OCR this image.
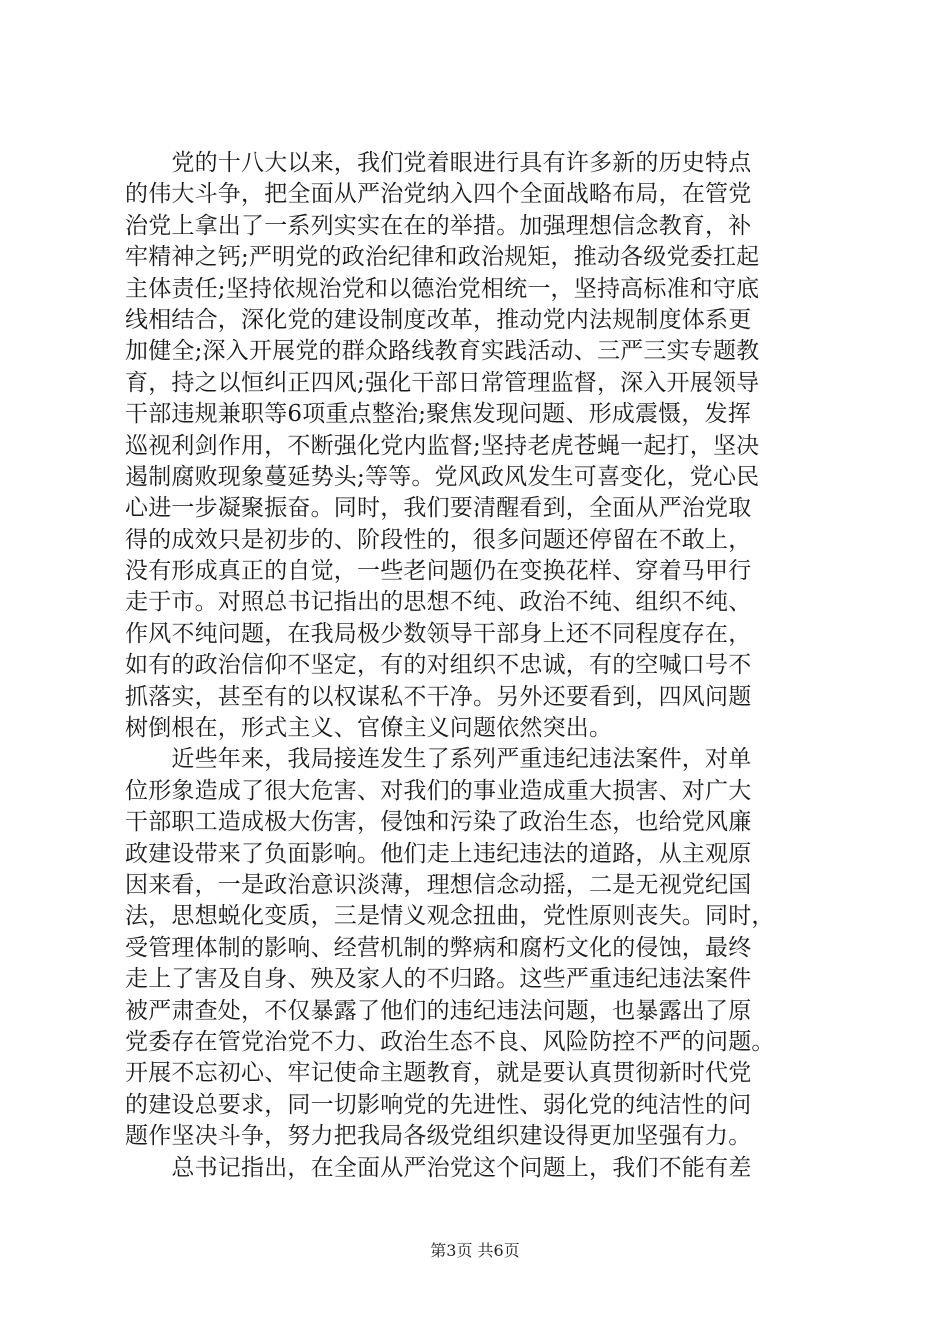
　　党的十八大以来，我们党着眼进行具有许多新的历史特点
的伟大斗争，把全面从严治党纳入四个全面战略布局，在管党
治党上拿出了一系列实实在在的举措。加强理想信念教育，补
牢精神之钙;严明党的政治纪律和政治规矩，推动各级党委扛起
主体责任;坚持依规治党和以德治党相统一，坚持高标准和守底
线相结合，深化党的建设制度改革，推动党内法规制度体系更
加健全;深入开展党的群众路线教育实践活动、三严三实专题教
育，持之以恒纠正四风;强化干部日常管理监督，深入开展领导
干部违规兼职等6项重点整治;聚焦发现问题、形成震慑，发挥
巡视利剑作用，不断强化党内监督;坚持老虎苍蝇一起打，坚决
遏制腐败现象蔓延势头;等等。党风政风发生可喜变化，党心民
心进一步凝聚振奋。同时，我们要清醒看到，全面从严治党取
得的成效只是初步的、阶段性的，很多问题还停留在不敢上，
没有形成真正的自觉，一些老问题仍在变换花样、穿着马甲行
走于市。对照总书记指出的思想不纯、政治不纯、组织不纯、
作风不纯问题，在我局极少数领导干部身上还不同程度存在，
如有的政治信仰不坚定，有的对组织不忠诚，有的空喊口号不
抓落实，甚至有的以权谋私不干净。另外还要看到，四风问题
树倒根在，形式主义、官僚主义问题依然突出。
　　近些年来，我局接连发生了系列严重违纪违法案件，对单
位形象造成了很大危害、对我们的事业造成重大损害、对广大
干部职工造成极大伤害，侵蚀和污染了政治生态，也给党风廉
政建设带来了负面影响。他们走上违纪违法的道路，从主观原
因来看，一是政治意识淡薄，理想信念动摇，二是无视党纪国
法，思想蜕化变质，三是情义观念扭曲，党性原则丧失。同时，
受管理体制的影响、经营机制的弊病和腐朽文化的侵蚀，最终
走上了害及自身、殃及家人的不归路。这些严重违纪违法案件
被严肃查处，不仅暴露了他们的违纪违法问题，也暴露出了原
党委存在管党治党不力、政治生态不良、风险防控不严的问题。
开展不忘初心、牢记使命主题教育，就是要认真贯彻新时代党
的建设总要求，同一切影响党的先进性、弱化党的纯洁性的问
题作坚决斗争，努力把我局各级党组织建设得更加坚强有力。
　　总书记指出，在全面从严治党这个问题上，我们不能有差
第3页 共6页
